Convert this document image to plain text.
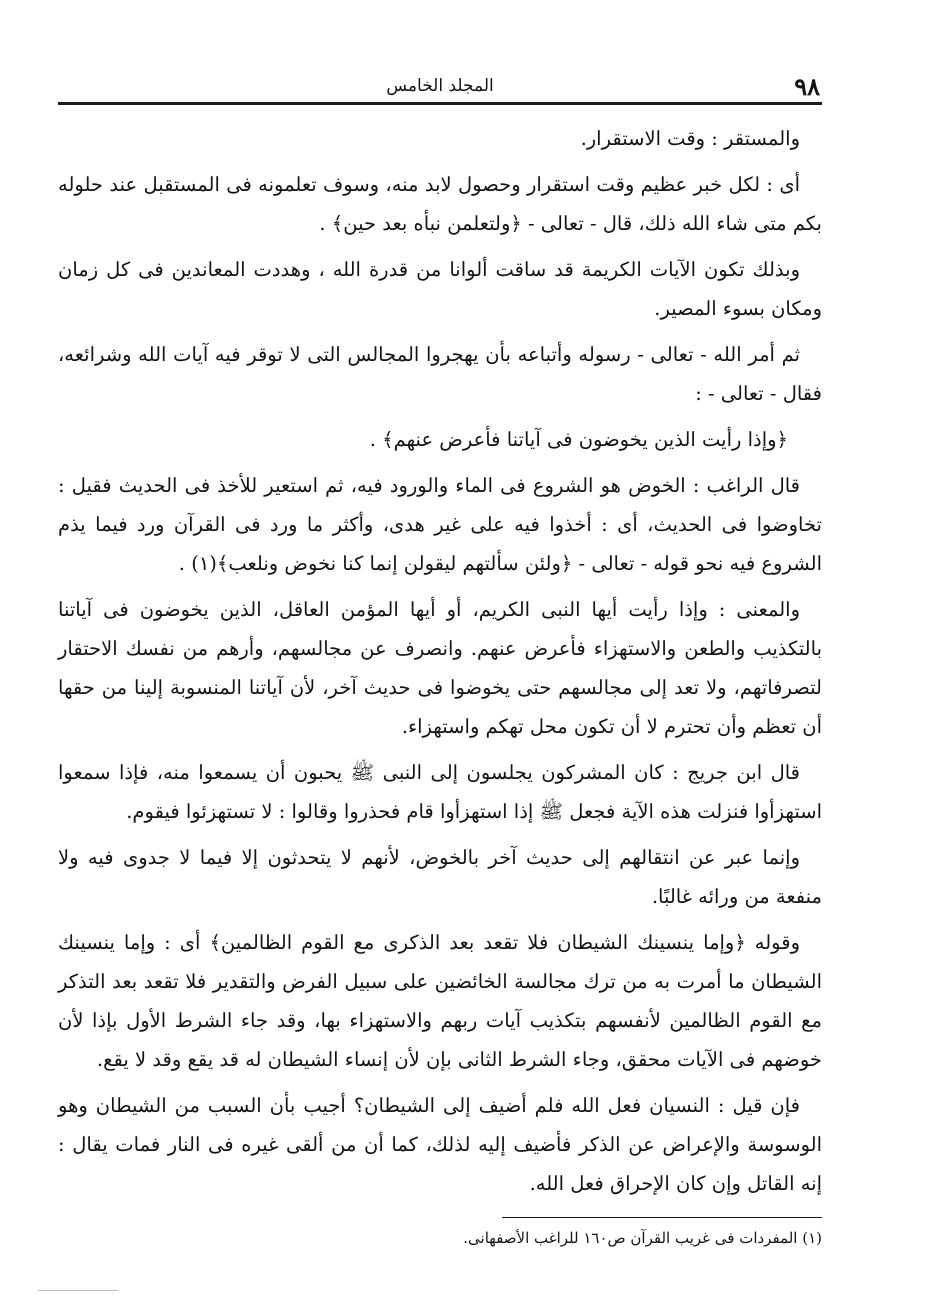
٩٨
المجلد الخامس

والمستقر : وقت الاستقرار.

أى : لكل خبر عظيم وقت استقرار وحصول لابد منه، وسوف تعلمونه فى المستقبل عند حلوله بكم متى شاء الله ذلك، قال - تعالى - ﴿ولتعلمن نبأه بعد حين﴾ .

وبذلك تكون الآيات الكريمة قد ساقت ألوانا من قدرة الله ، وهددت المعاندين فى كل زمان ومكان بسوء المصير.

ثم أمر الله - تعالى - رسوله وأتباعه بأن يهجروا المجالس التى لا توقر فيه آيات الله وشرائعه، فقال - تعالى - :

﴿وإذا رأيت الذين يخوضون فى آياتنا فأعرض عنهم﴾ .

قال الراغب : الخوض هو الشروع فى الماء والورود فيه، ثم استعير للأخذ فى الحديث فقيل : تخاوضوا فى الحديث، أى : أخذوا فيه على غير هدى، وأكثر ما ورد فى القرآن ورد فيما يذم الشروع فيه نحو قوله - تعالى - ﴿ولئن سألتهم ليقولن إنما كنا نخوض ونلعب﴾(١) .

والمعنى : وإذا رأيت أيها النبى الكريم، أو أيها المؤمن العاقل، الذين يخوضون فى آياتنا بالتكذيب والطعن والاستهزاء فأعرض عنهم. وانصرف عن مجالسهم، وأرهم من نفسك الاحتقار لتصرفاتهم، ولا تعد إلى مجالسهم حتى يخوضوا فى حديث آخر، لأن آياتنا المنسوبة إلينا من حقها أن تعظم وأن تحترم لا أن تكون محل تهكم واستهزاء.

قال ابن جريج : كان المشركون يجلسون إلى النبى ﷺ يحبون أن يسمعوا منه، فإذا سمعوا استهزأوا فنزلت هذه الآية فجعل ﷺ إذا استهزأوا قام فحذروا وقالوا : لا تستهزئوا فيقوم.

وإنما عبر عن انتقالهم إلى حديث آخر بالخوض، لأنهم لا يتحدثون إلا فيما لا جدوى فيه ولا منفعة من ورائه غالبًا.

وقوله ﴿وإما ينسينك الشيطان فلا تقعد بعد الذكرى مع القوم الظالمين﴾ أى : وإما ينسينك الشيطان ما أمرت به من ترك مجالسة الخائضين على سبيل الفرض والتقدير فلا تقعد بعد التذكر مع القوم الظالمين لأنفسهم بتكذيب آيات ربهم والاستهزاء بها، وقد جاء الشرط الأول بإذا لأن خوضهم فى الآيات محقق، وجاء الشرط الثانى بإن لأن إنساء الشيطان له قد يقع وقد لا يقع.

فإن قيل : النسيان فعل الله فلم أضيف إلى الشيطان؟ أجيب بأن السبب من الشيطان وهو الوسوسة والإعراض عن الذكر فأضيف إليه لذلك، كما أن من ألقى غيره فى النار فمات يقال : إنه القاتل وإن كان الإحراق فعل الله.

(١) المفردات فى غريب القرآن ص١٦٠ للراغب الأصفهانى.
